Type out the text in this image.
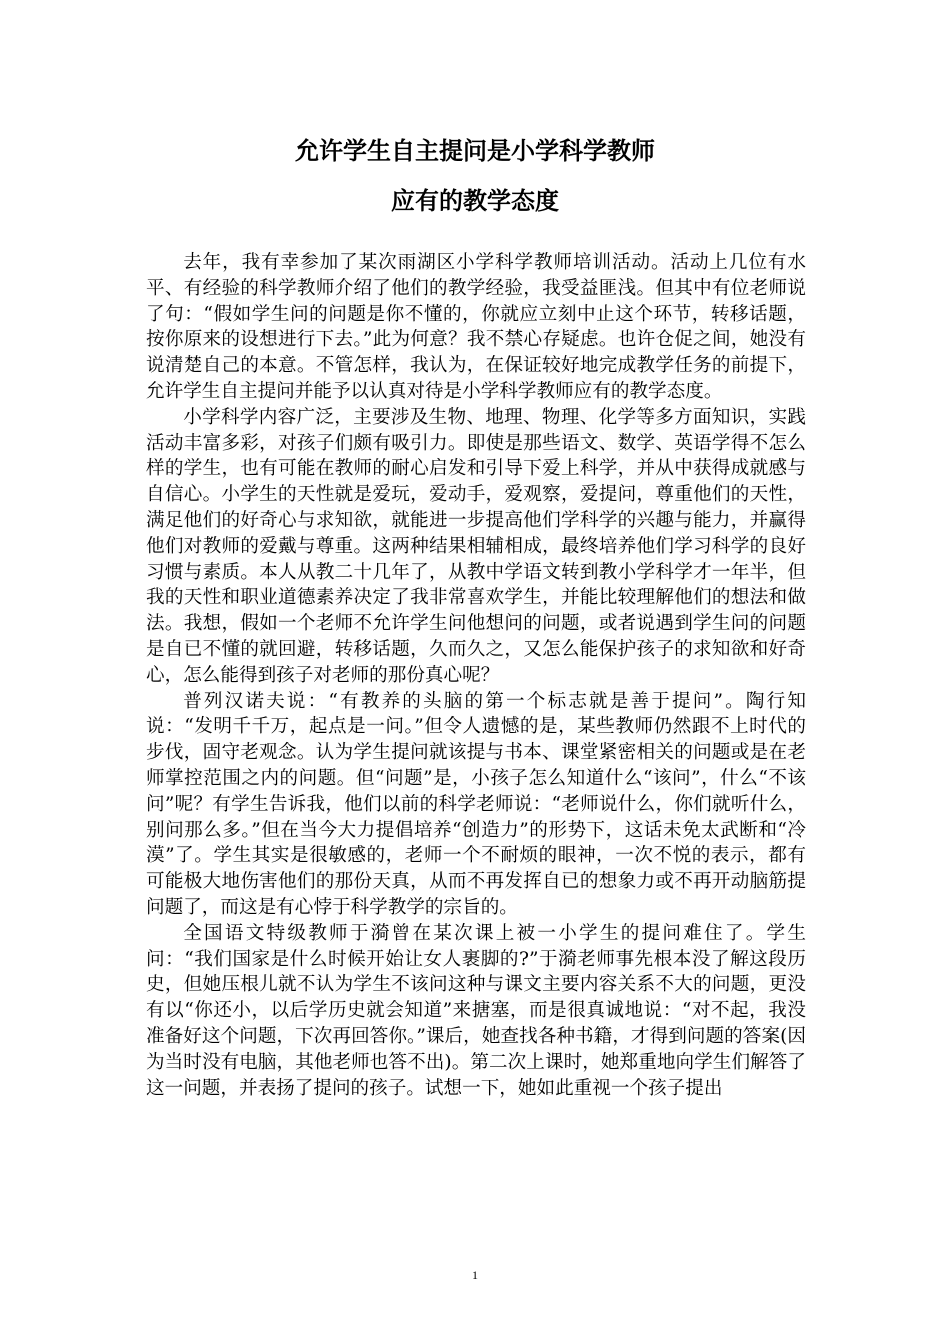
允许学生自主提问是小学科学教师
应有的教学态度

去年，我有幸参加了某次雨湖区小学科学教师培训活动。活动上几位有水平、有经验的科学教师介绍了他们的教学经验，我受益匪浅。但其中有位老师说了句：“假如学生问的问题是你不懂的，你就应立刻中止这个环节，转移话题，按你原来的设想进行下去。”此为何意？我不禁心存疑虑。也许仓促之间，她没有说清楚自己的本意。不管怎样，我认为，在保证较好地完成教学任务的前提下，允许学生自主提问并能予以认真对待是小学科学教师应有的教学态度。

小学科学内容广泛，主要涉及生物、地理、物理、化学等多方面知识，实践活动丰富多彩，对孩子们颇有吸引力。即使是那些语文、数学、英语学得不怎么样的学生，也有可能在教师的耐心启发和引导下爱上科学，并从中获得成就感与自信心。小学生的天性就是爱玩，爱动手，爱观察，爱提问，尊重他们的天性，满足他们的好奇心与求知欲，就能进一步提高他们学科学的兴趣与能力，并赢得他们对教师的爱戴与尊重。这两种结果相辅相成，最终培养他们学习科学的良好习惯与素质。本人从教二十几年了，从教中学语文转到教小学科学才一年半，但我的天性和职业道德素养决定了我非常喜欢学生，并能比较理解他们的想法和做法。我想，假如一个老师不允许学生问他想问的问题，或者说遇到学生问的问题是自已不懂的就回避，转移话题，久而久之，又怎么能保护孩子的求知欲和好奇心，怎么能得到孩子对老师的那份真心呢？

普列汉诺夫说：“有教养的头脑的第一个标志就是善于提问”。陶行知说：“发明千千万，起点是一问。”但令人遗憾的是，某些教师仍然跟不上时代的步伐，固守老观念。认为学生提问就该提与书本、课堂紧密相关的问题或是在老师掌控范围之内的问题。但“问题”是，小孩子怎么知道什么“该问”，什么“不该问”呢？有学生告诉我，他们以前的科学老师说：“老师说什么，你们就听什么，别问那么多。”但在当今大力提倡培养“创造力”的形势下，这话未免太武断和“冷漠”了。学生其实是很敏感的，老师一个不耐烦的眼神，一次不悦的表示，都有可能极大地伤害他们的那份天真，从而不再发挥自已的想象力或不再开动脑筋提问题了，而这是有心悖于科学教学的宗旨的。

全国语文特级教师于漪曾在某次课上被一小学生的提问难住了。学生问：“我们国家是什么时候开始让女人裹脚的?”于漪老师事先根本没了解这段历史，但她压根儿就不认为学生不该问这种与课文主要内容关系不大的问题，更没有以“你还小，以后学历史就会知道”来搪塞，而是很真诚地说：“对不起，我没准备好这个问题，下次再回答你。”课后，她查找各种书籍，才得到问题的答案(因为当时没有电脑，其他老师也答不出)。第二次上课时，她郑重地向学生们解答了这一问题，并表扬了提问的孩子。试想一下，她如此重视一个孩子提出

1
